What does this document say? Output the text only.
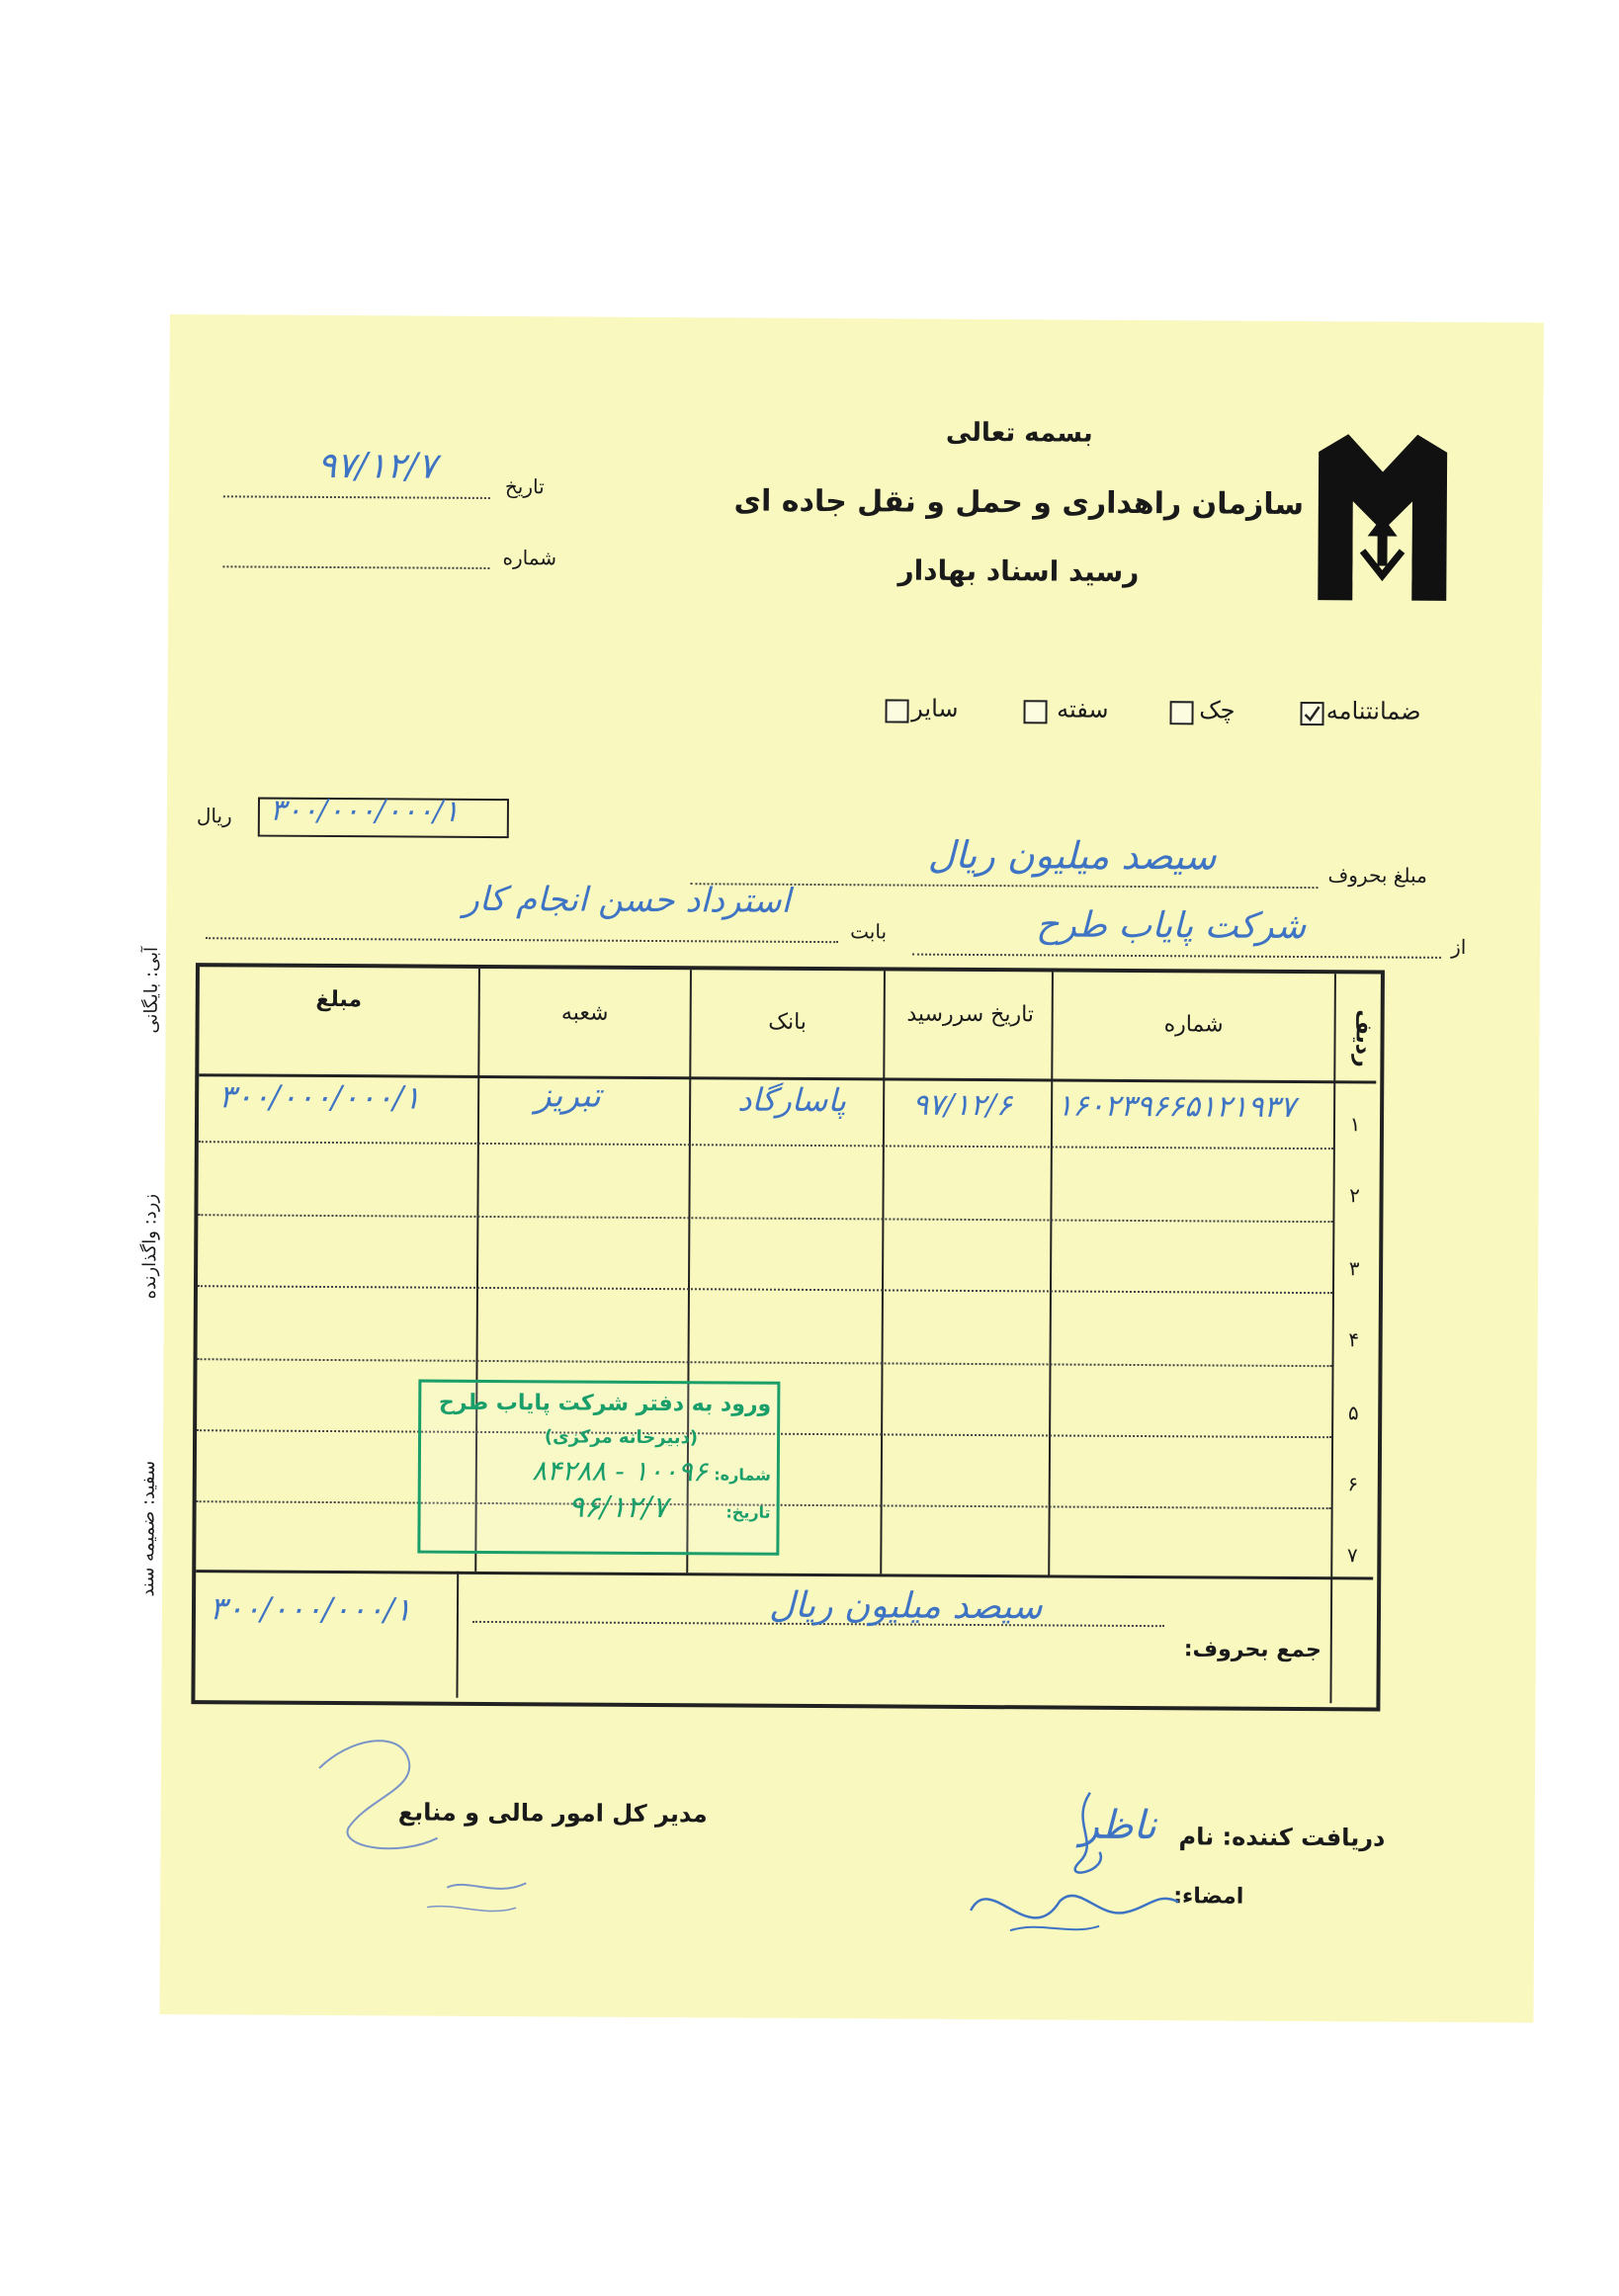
بسمه تعالی
سازمان راهداری و حمل و نقل جاده ای
رسید اسناد بهادار
تاریخ
۹۷/۱۲/۷
شماره
ضمانتنامه
چک
سفته
سایر
۳۰۰/۰۰۰/۰۰۰/۱
ریال
مبلغ بحروف
سیصد میلیون ریال
از
شرکت پایاب طرح
بابت
استرداد حسن انجام کار
آبی: بایگانی
زرد: واگذارنده
سفید: ضمیمه سند
ردیف
شماره
تاریخ سررسید
بانک
شعبه
مبلغ
۱
۲
۳
۴
۵
۶
۷
۱۶۰۲۳۹۶۶۵۱۲۱۹۳۷
۹۷/۱۲/۶
پاسارگاد
تبریز
۳۰۰/۰۰۰/۰۰۰/۱
جمع بحروف:
سیصد میلیون ریال
۳۰۰/۰۰۰/۰۰۰/۱
ورود به دفتر شرکت پایاب طرح
(دبیرخانه مرکزی)
شماره:
۱۰۰۹۶ - ۸۴۲۸۸
تاریخ:
۹۶/۱۲/۷
مدیر کل امور مالی و منابع
دریافت کننده: نام
ناظر
امضاء:
